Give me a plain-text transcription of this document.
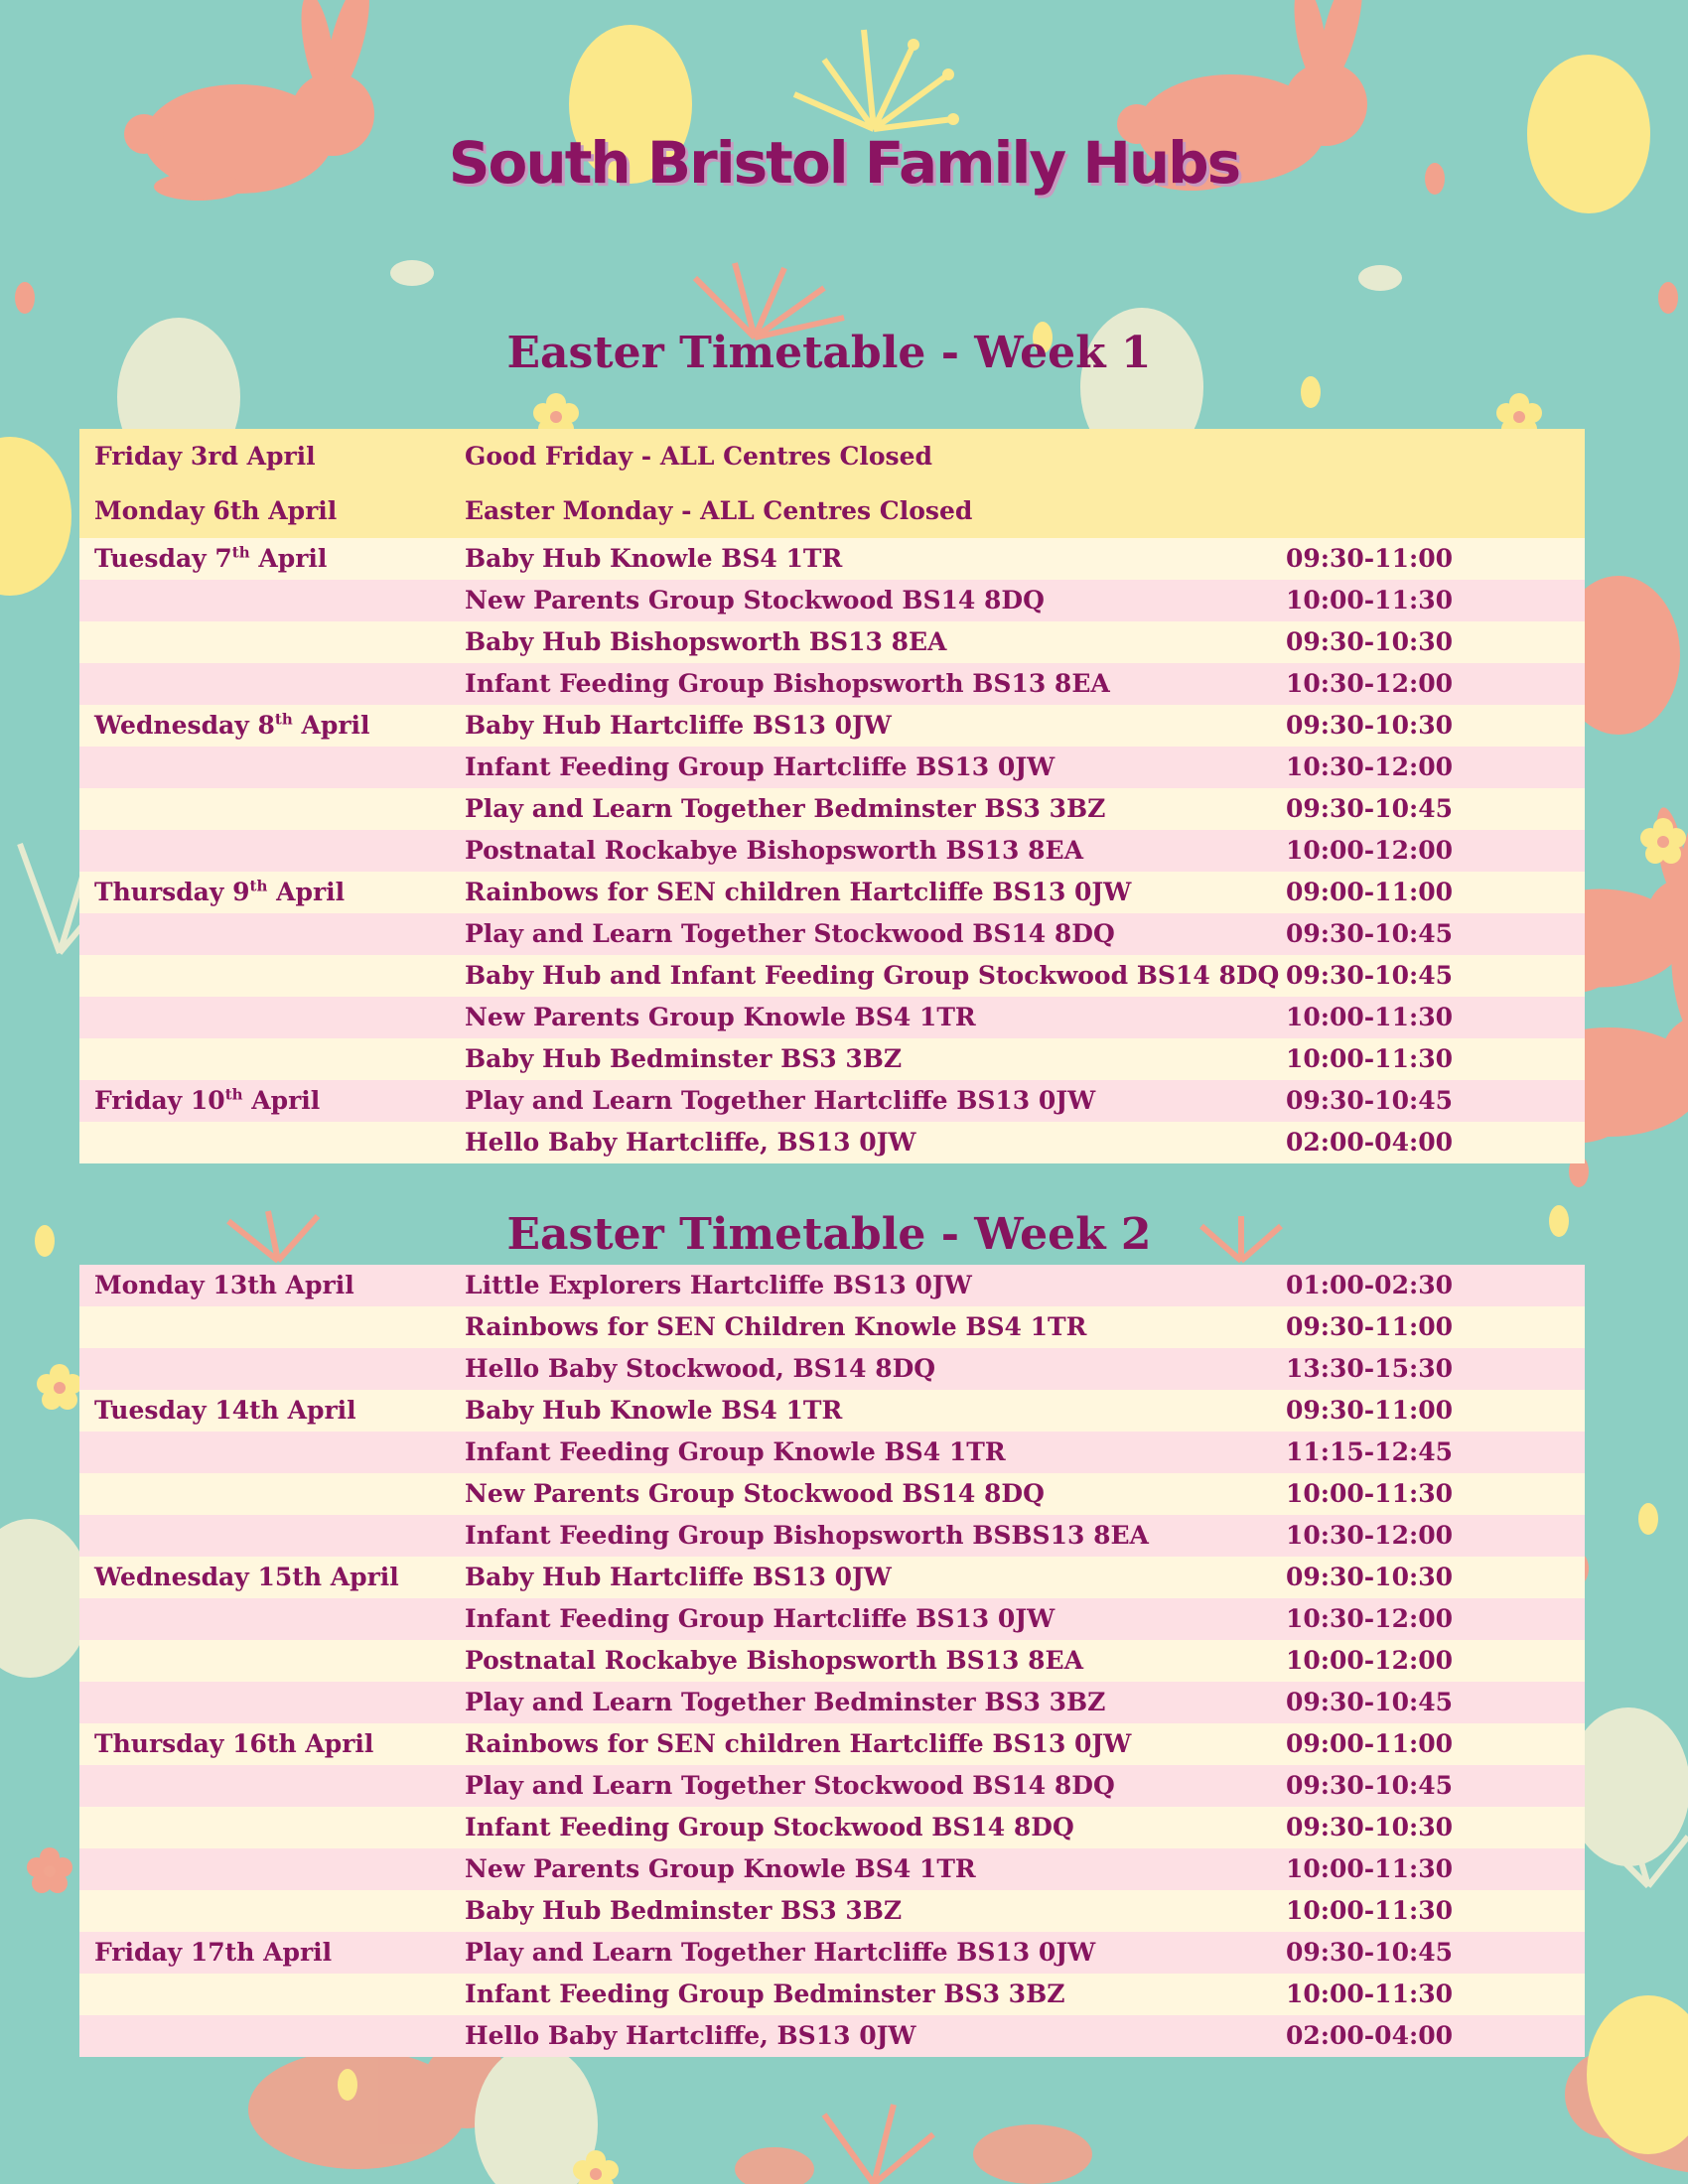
South Bristol Family Hubs
Easter Timetable - Week 1
Friday 3rd April	Good Friday - ALL Centres Closed	
Monday 6th April	Easter Monday - ALL Centres Closed	
Tuesday 7th April	Baby Hub Knowle BS4 1TR	09:30-11:00
	New Parents Group Stockwood BS14 8DQ	10:00-11:30
	Baby Hub Bishopsworth BS13 8EA	09:30-10:30
	Infant Feeding Group Bishopsworth BS13 8EA	10:30-12:00
Wednesday 8th April	Baby Hub Hartcliffe BS13 0JW	09:30-10:30
	Infant Feeding Group Hartcliffe BS13 0JW	10:30-12:00
	Play and Learn Together Bedminster BS3 3BZ	09:30-10:45
	Postnatal Rockabye Bishopsworth BS13 8EA	10:00-12:00
Thursday 9th April	Rainbows for SEN children Hartcliffe BS13 0JW	09:00-11:00
	Play and Learn Together Stockwood BS14 8DQ	09:30-10:45
	Baby Hub and Infant Feeding Group Stockwood BS14 8DQ	09:30-10:45
	New Parents Group Knowle BS4 1TR	10:00-11:30
	Baby Hub Bedminster BS3 3BZ	10:00-11:30
Friday 10th April	Play and Learn Together Hartcliffe BS13 0JW	09:30-10:45
	Hello Baby Hartcliffe, BS13 0JW	02:00-04:00
Easter Timetable - Week 2
Monday 13th April	Little Explorers Hartcliffe BS13 0JW	01:00-02:30
	Rainbows for SEN Children Knowle BS4 1TR	09:30-11:00
	Hello Baby Stockwood, BS14 8DQ	13:30-15:30
Tuesday 14th April	Baby Hub Knowle BS4 1TR	09:30-11:00
	Infant Feeding Group Knowle BS4 1TR	11:15-12:45
	New Parents Group Stockwood BS14 8DQ	10:00-11:30
	Infant Feeding Group Bishopsworth BSBS13 8EA	10:30-12:00
Wednesday 15th April	Baby Hub Hartcliffe BS13 0JW	09:30-10:30
	Infant Feeding Group Hartcliffe BS13 0JW	10:30-12:00
	Postnatal Rockabye Bishopsworth BS13 8EA	10:00-12:00
	Play and Learn Together Bedminster BS3 3BZ	09:30-10:45
Thursday 16th April	Rainbows for SEN children Hartcliffe BS13 0JW	09:00-11:00
	Play and Learn Together Stockwood BS14 8DQ	09:30-10:45
	Infant Feeding Group Stockwood BS14 8DQ	09:30-10:30
	New Parents Group Knowle BS4 1TR	10:00-11:30
	Baby Hub Bedminster BS3 3BZ	10:00-11:30
Friday 17th April	Play and Learn Together Hartcliffe BS13 0JW	09:30-10:45
	Infant Feeding Group Bedminster BS3 3BZ	10:00-11:30
	Hello Baby Hartcliffe, BS13 0JW	02:00-04:00
